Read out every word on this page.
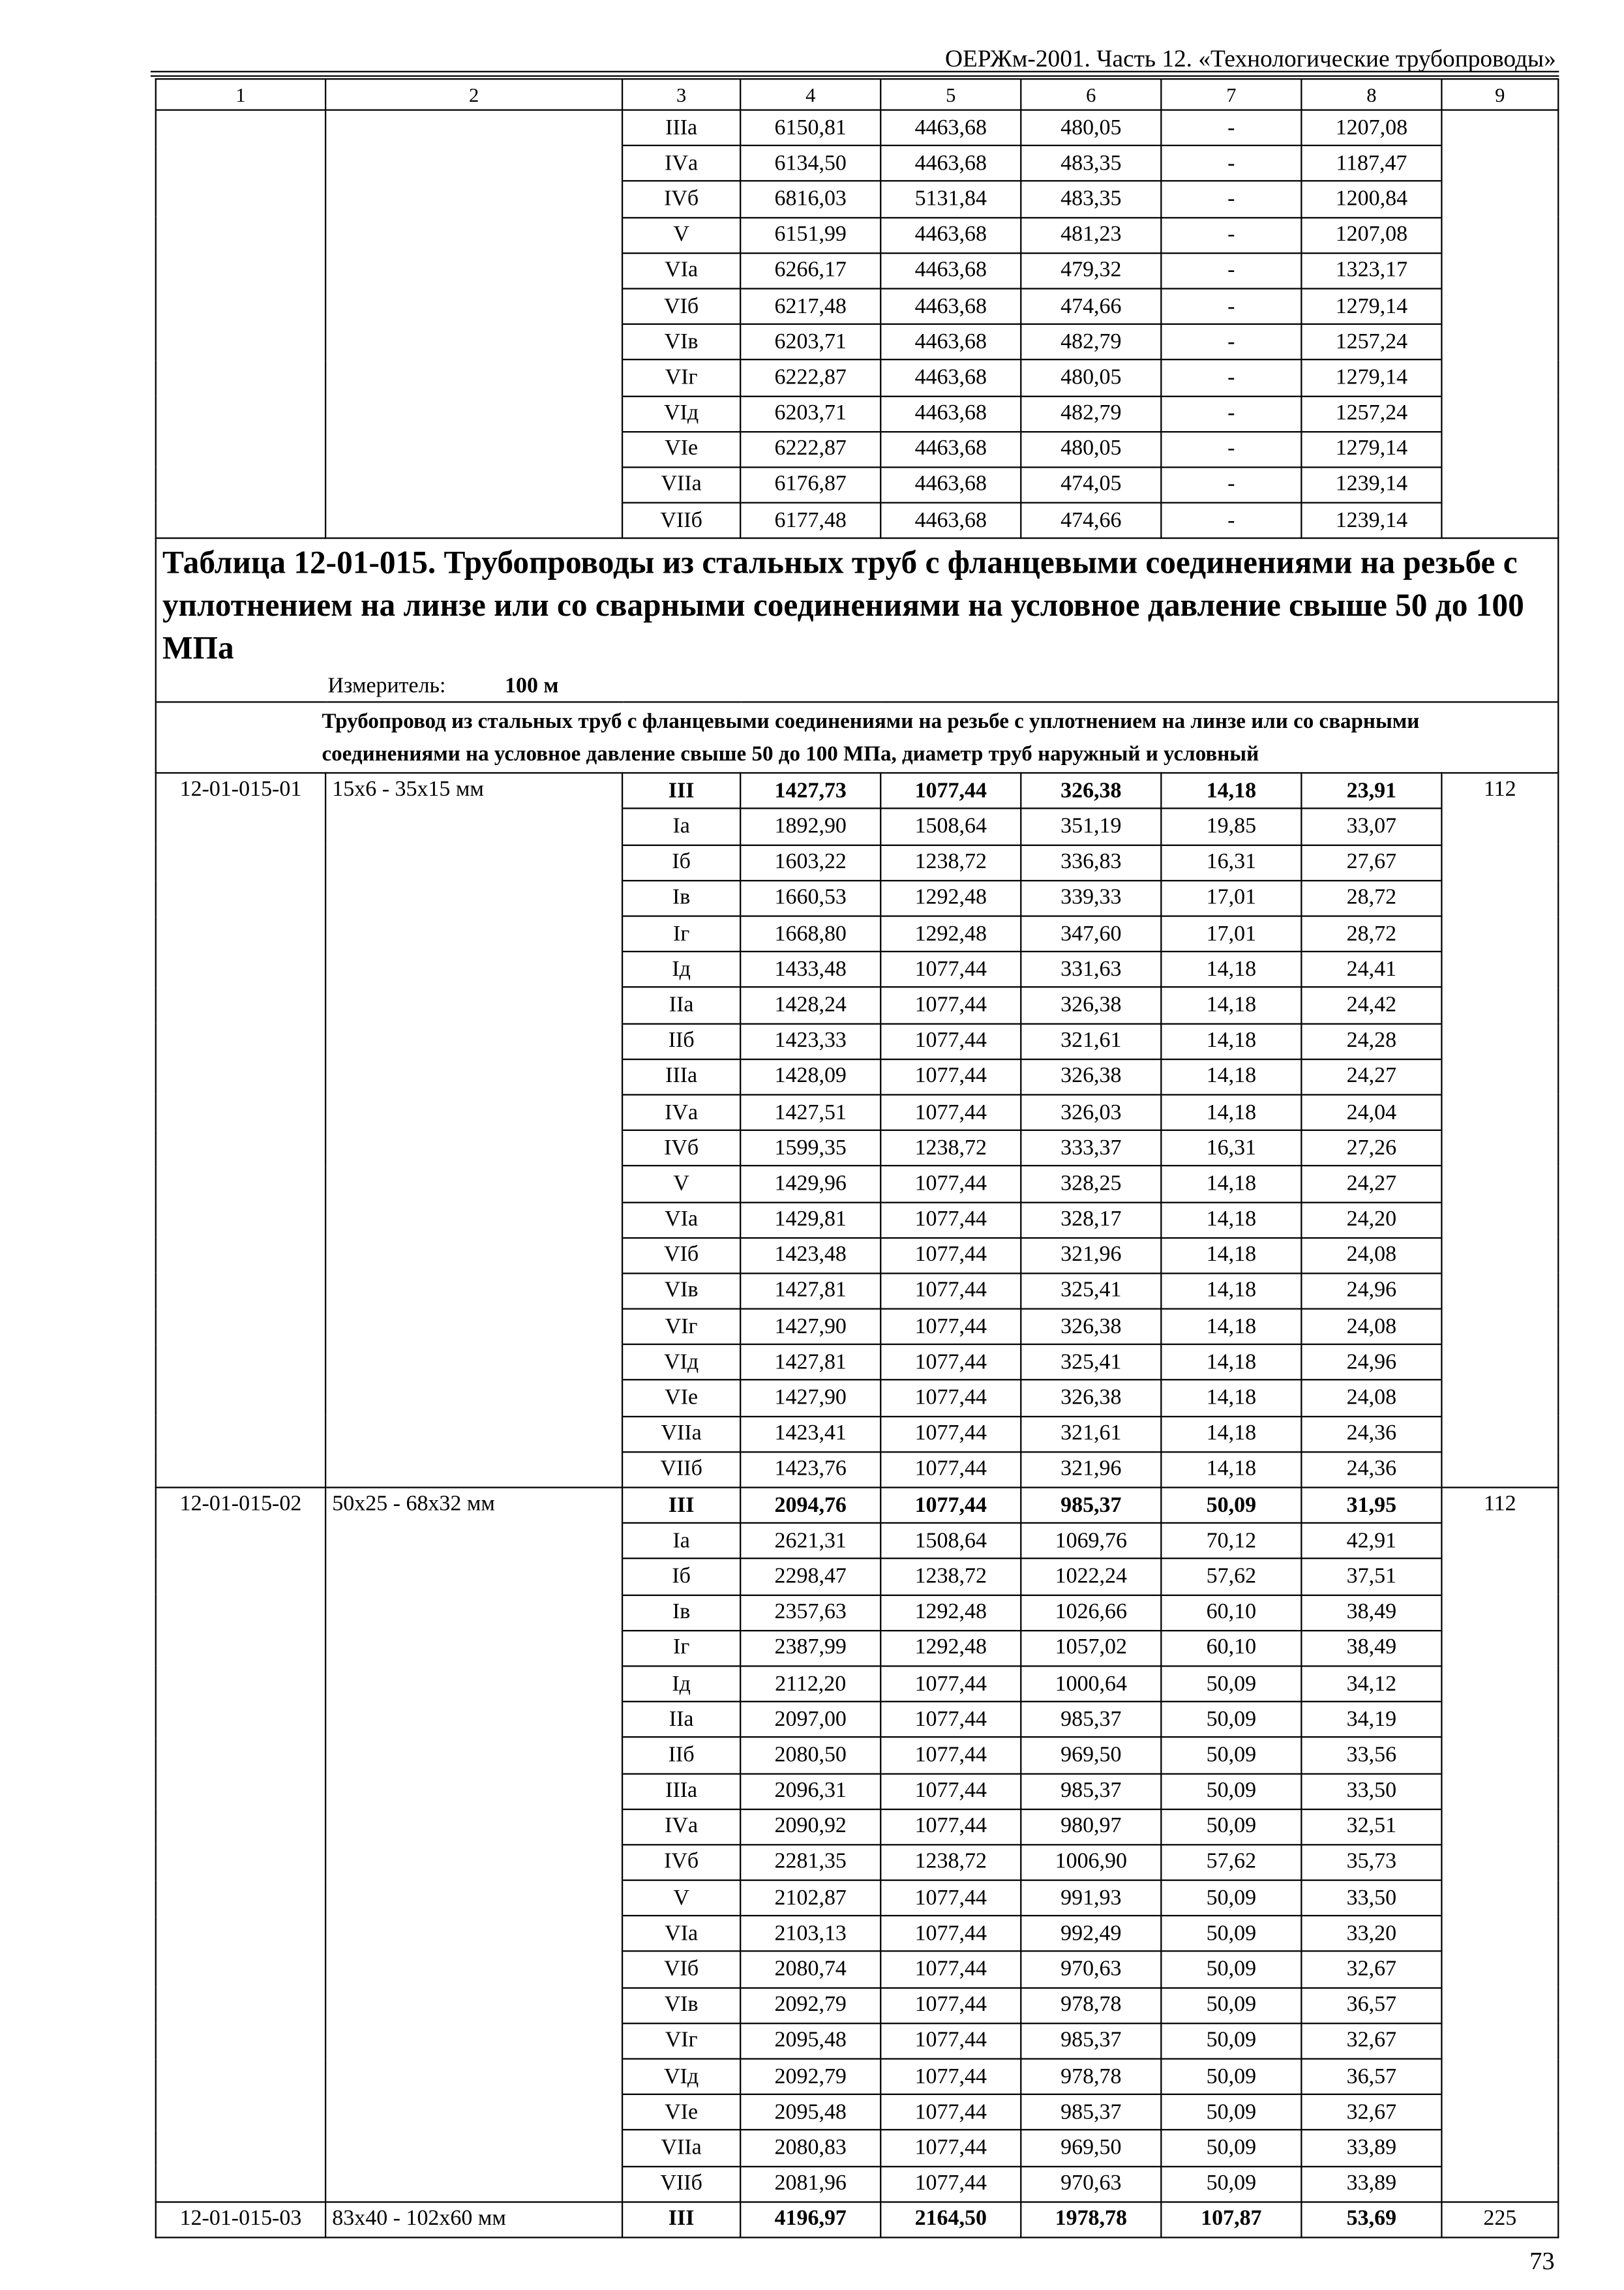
ОЕРЖм-2001. Часть 12. «Технологические трубопроводы»
1	2	3	4	5	6	7	8	9
		IIIа	6150,81	4463,68	480,05	-	1207,08	
		IVа	6134,50	4463,68	483,35	-	1187,47	
		IVб	6816,03	5131,84	483,35	-	1200,84	
		V	6151,99	4463,68	481,23	-	1207,08	
		VIа	6266,17	4463,68	479,32	-	1323,17	
		VIб	6217,48	4463,68	474,66	-	1279,14	
		VIв	6203,71	4463,68	482,79	-	1257,24	
		VIг	6222,87	4463,68	480,05	-	1279,14	
		VIд	6203,71	4463,68	482,79	-	1257,24	
		VIе	6222,87	4463,68	480,05	-	1279,14	
		VIIа	6176,87	4463,68	474,05	-	1239,14	
		VIIб	6177,48	4463,68	474,66	-	1239,14	

Таблица 12-01-015. Трубопроводы из стальных труб с фланцевыми соединениями на резьбе с уплотнением на линзе или со сварными соединениями на условное давление свыше 50 до 100 МПа
Измеритель: 100 м								

Трубопровод из стальных труб с фланцевыми соединениями на резьбе с уплотнением на линзе или со сварными соединениями на условное давление свыше 50 до 100 МПа, диаметр труб наружный и условный								
12-01-015-01	15х6 - 35х15 мм	III	1427,73	1077,44	326,38	14,18	23,91	112
		Iа	1892,90	1508,64	351,19	19,85	33,07	
		Iб	1603,22	1238,72	336,83	16,31	27,67	
		Iв	1660,53	1292,48	339,33	17,01	28,72	
		Iг	1668,80	1292,48	347,60	17,01	28,72	
		Iд	1433,48	1077,44	331,63	14,18	24,41	
		IIа	1428,24	1077,44	326,38	14,18	24,42	
		IIб	1423,33	1077,44	321,61	14,18	24,28	
		IIIа	1428,09	1077,44	326,38	14,18	24,27	
		IVа	1427,51	1077,44	326,03	14,18	24,04	
		IVб	1599,35	1238,72	333,37	16,31	27,26	
		V	1429,96	1077,44	328,25	14,18	24,27	
		VIа	1429,81	1077,44	328,17	14,18	24,20	
		VIб	1423,48	1077,44	321,96	14,18	24,08	
		VIв	1427,81	1077,44	325,41	14,18	24,96	
		VIг	1427,90	1077,44	326,38	14,18	24,08	
		VIд	1427,81	1077,44	325,41	14,18	24,96	
		VIе	1427,90	1077,44	326,38	14,18	24,08	
		VIIа	1423,41	1077,44	321,61	14,18	24,36	
		VIIб	1423,76	1077,44	321,96	14,18	24,36	
12-01-015-02	50х25 - 68х32 мм	III	2094,76	1077,44	985,37	50,09	31,95	112
		Iа	2621,31	1508,64	1069,76	70,12	42,91	
		Iб	2298,47	1238,72	1022,24	57,62	37,51	
		Iв	2357,63	1292,48	1026,66	60,10	38,49	
		Iг	2387,99	1292,48	1057,02	60,10	38,49	
		Iд	2112,20	1077,44	1000,64	50,09	34,12	
		IIа	2097,00	1077,44	985,37	50,09	34,19	
		IIб	2080,50	1077,44	969,50	50,09	33,56	
		IIIа	2096,31	1077,44	985,37	50,09	33,50	
		IVа	2090,92	1077,44	980,97	50,09	32,51	
		IVб	2281,35	1238,72	1006,90	57,62	35,73	
		V	2102,87	1077,44	991,93	50,09	33,50	
		VIа	2103,13	1077,44	992,49	50,09	33,20	
		VIб	2080,74	1077,44	970,63	50,09	32,67	
		VIв	2092,79	1077,44	978,78	50,09	36,57	
		VIг	2095,48	1077,44	985,37	50,09	32,67	
		VIд	2092,79	1077,44	978,78	50,09	36,57	
		VIе	2095,48	1077,44	985,37	50,09	32,67	
		VIIа	2080,83	1077,44	969,50	50,09	33,89	
		VIIб	2081,96	1077,44	970,63	50,09	33,89	
12-01-015-03	83х40 - 102х60 мм	III	4196,97	2164,50	1978,78	107,87	53,69	225
73
